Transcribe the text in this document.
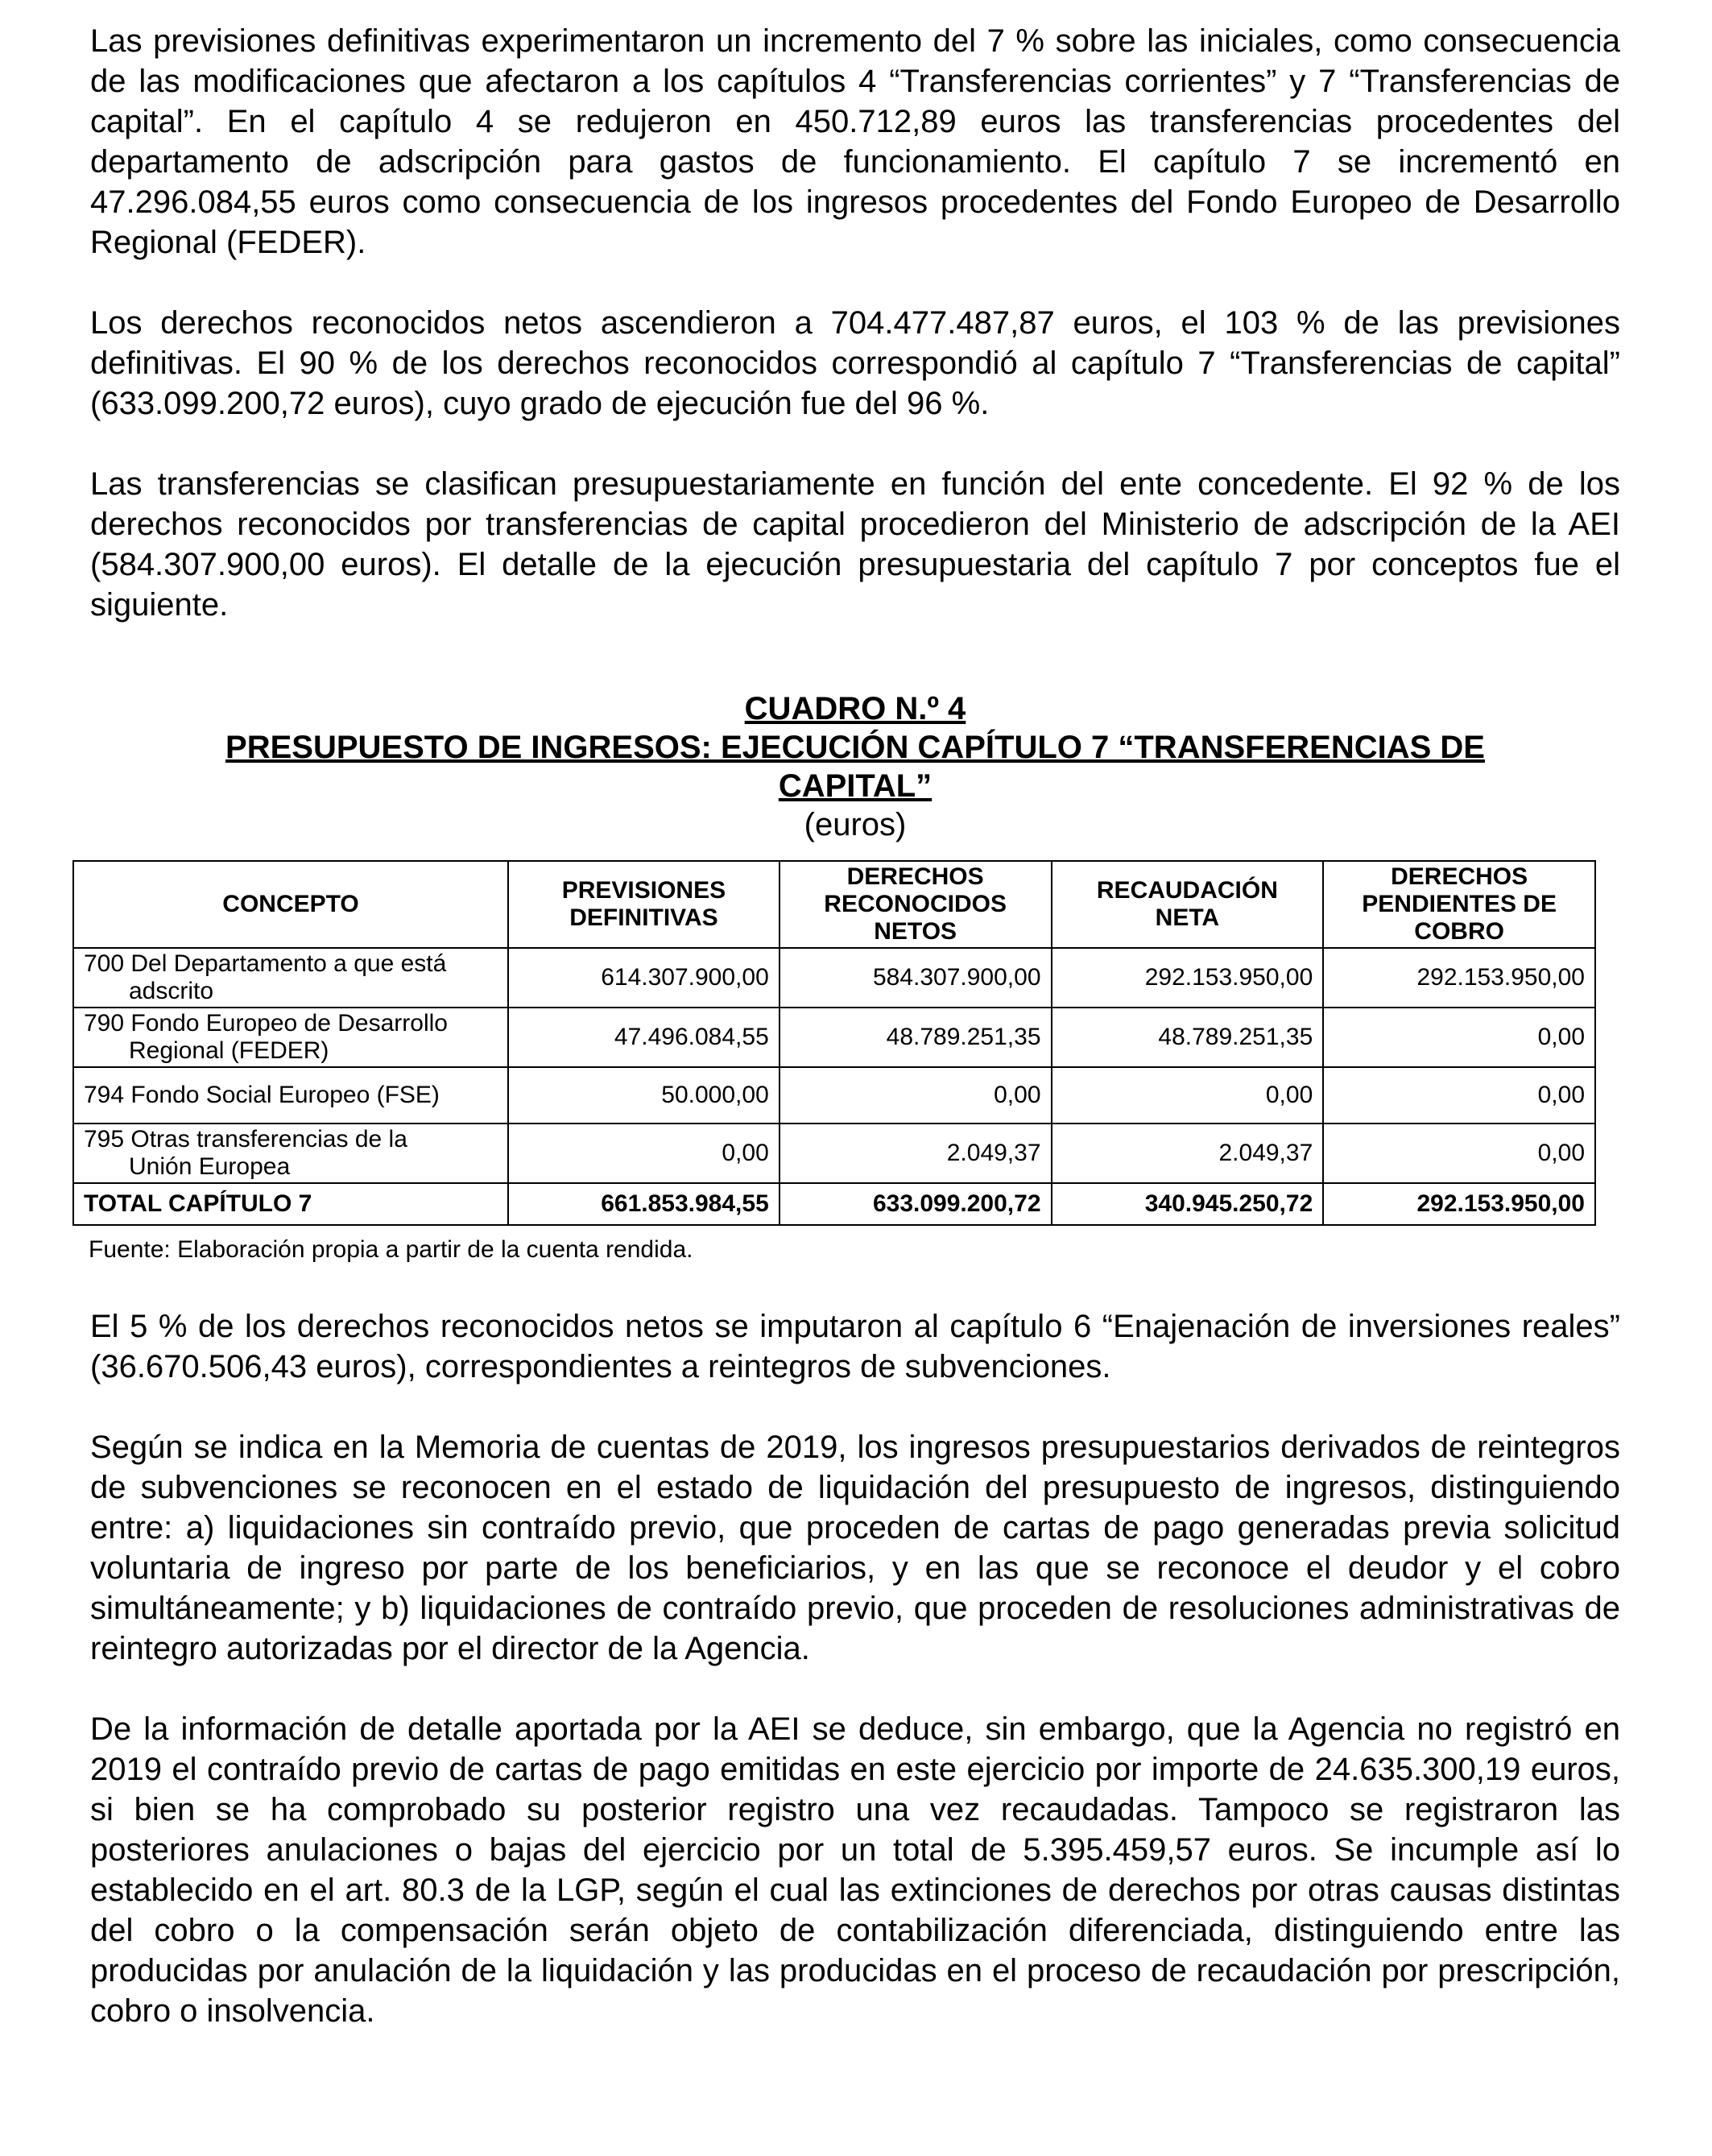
Las previsiones definitivas experimentaron un incremento del 7 % sobre las iniciales, como consecuencia de las modificaciones que afectaron a los capítulos 4 “Transferencias corrientes” y 7 “Transferencias de capital”. En el capítulo 4 se redujeron en 450.712,89 euros las transferencias procedentes del departamento de adscripción para gastos de funcionamiento. El capítulo 7 se incrementó en 47.296.084,55 euros como consecuencia de los ingresos procedentes del Fondo Europeo de Desarrollo Regional (FEDER).

Los derechos reconocidos netos ascendieron a 704.477.487,87 euros, el 103 % de las previsiones definitivas. El 90 % de los derechos reconocidos correspondió al capítulo 7 “Transferencias de capital” (633.099.200,72 euros), cuyo grado de ejecución fue del 96 %.

Las transferencias se clasifican presupuestariamente en función del ente concedente. El 92 % de los derechos reconocidos por transferencias de capital procedieron del Ministerio de adscripción de la AEI (584.307.900,00 euros). El detalle de la ejecución presupuestaria del capítulo 7 por conceptos fue el siguiente.

CUADRO N.º 4
PRESUPUESTO DE INGRESOS: EJECUCIÓN CAPÍTULO 7 “TRANSFERENCIAS DE CAPITAL”
(euros)
CONCEPTO	PREVISIONES DEFINITIVAS	DERECHOS RECONOCIDOS NETOS	RECAUDACIÓN NETA	DERECHOS PENDIENTES DE COBRO

700 Del Departamento a que está
adscrito	614.307.900,00	584.307.900,00	292.153.950,00	292.153.950,00

790 Fondo Europeo de Desarrollo
Regional (FEDER)	47.496.084,55	48.789.251,35	48.789.251,35	0,00

794 Fondo Social Europeo (FSE)	50.000,00	0,00	0,00	0,00

795 Otras transferencias de la
Unión Europea	0,00	2.049,37	2.049,37	0,00
TOTAL CAPÍTULO 7	661.853.984,55	633.099.200,72	340.945.250,72	292.153.950,00
Fuente: Elaboración propia a partir de la cuenta rendida.

El 5 % de los derechos reconocidos netos se imputaron al capítulo 6 “Enajenación de inversiones reales” (36.670.506,43 euros), correspondientes a reintegros de subvenciones.

Según se indica en la Memoria de cuentas de 2019, los ingresos presupuestarios derivados de reintegros de subvenciones se reconocen en el estado de liquidación del presupuesto de ingresos, distinguiendo entre: a) liquidaciones sin contraído previo, que proceden de cartas de pago generadas previa solicitud voluntaria de ingreso por parte de los beneficiarios, y en las que se reconoce el deudor y el cobro simultáneamente; y b) liquidaciones de contraído previo, que proceden de resoluciones administrativas de reintegro autorizadas por el director de la Agencia.

De la información de detalle aportada por la AEI se deduce, sin embargo, que la Agencia no registró en 2019 el contraído previo de cartas de pago emitidas en este ejercicio por importe de 24.635.300,19 euros, si bien se ha comprobado su posterior registro una vez recaudadas. Tampoco se registraron las posteriores anulaciones o bajas del ejercicio por un total de 5.395.459,57 euros. Se incumple así lo establecido en el art. 80.3 de la LGP, según el cual las extinciones de derechos por otras causas distintas del cobro o la compensación serán objeto de contabilización diferenciada, distinguiendo entre las producidas por anulación de la liquidación y las producidas en el proceso de recaudación por prescripción, cobro o insolvencia.
